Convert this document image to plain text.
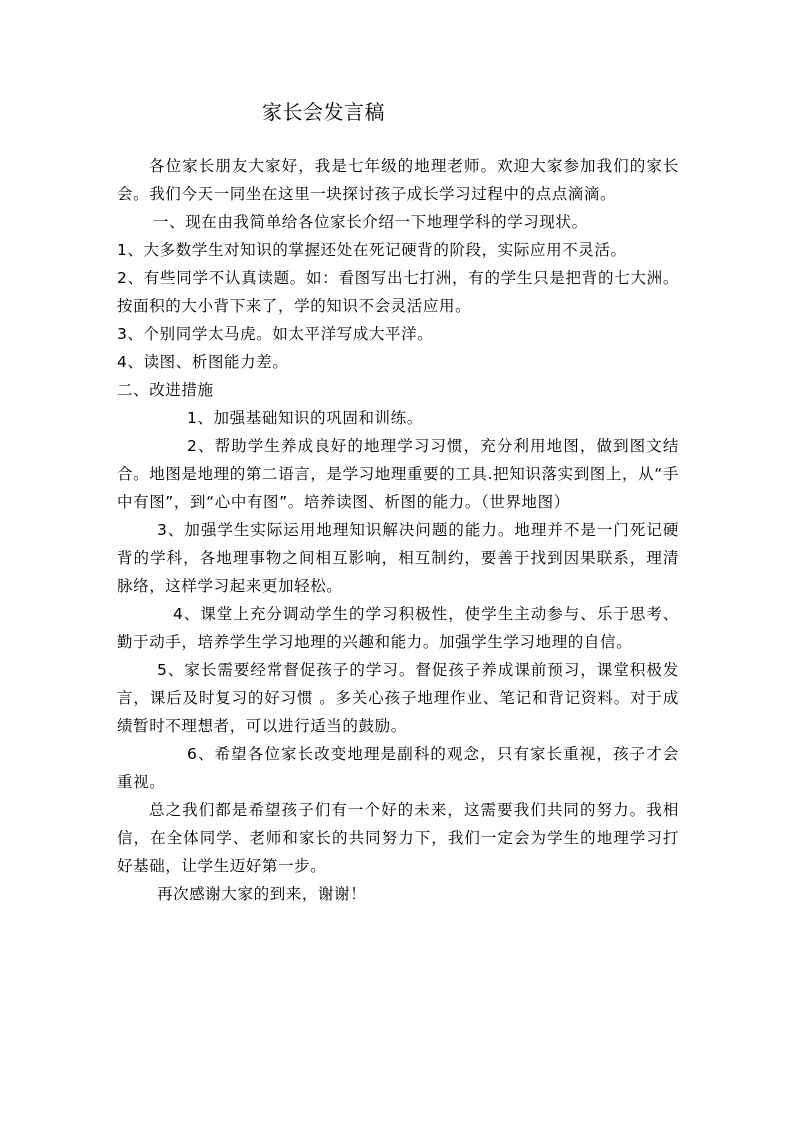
家长会发言稿

各位家长朋友大家好，我是七年级的地理老师。欢迎大家参加我们的家长会。我们今天一同坐在这里一块探讨孩子成长学习过程中的点点滴滴。

一、现在由我简单给各位家长介绍一下地理学科的学习现状。

1、大多数学生对知识的掌握还处在死记硬背的阶段，实际应用不灵活。

2、有些同学不认真读题。如：看图写出七打洲，有的学生只是把背的七大洲。按面积的大小背下来了，学的知识不会灵活应用。

3、个别同学太马虎。如太平洋写成大平洋。

4、读图、析图能力差。

二、改进措施

1、加强基础知识的巩固和训练。

2、帮助学生养成良好的地理学习习惯，充分利用地图，做到图文结合。地图是地理的第二语言，是学习地理重要的工具.把知识落实到图上，从“手中有图”，到“心中有图”。培养读图、析图的能力。（世界地图）

3、加强学生实际运用地理知识解决问题的能力。地理并不是一门死记硬背的学科，各地理事物之间相互影响，相互制约，要善于找到因果联系，理清脉络，这样学习起来更加轻松。

4、课堂上充分调动学生的学习积极性，使学生主动参与、乐于思考、勤于动手，培养学生学习地理的兴趣和能力。加强学生学习地理的自信。

5、家长需要经常督促孩子的学习。督促孩子养成课前预习，课堂积极发言，课后及时复习的好习惯 。多关心孩子地理作业、笔记和背记资料。对于成绩暂时不理想者，可以进行适当的鼓励。

6、希望各位家长改变地理是副科的观念，只有家长重视，孩子才会重视。

总之我们都是希望孩子们有一个好的未来，这需要我们共同的努力。我相信，在全体同学、老师和家长的共同努力下，我们一定会为学生的地理学习打好基础，让学生迈好第一步。

再次感谢大家的到来，谢谢！
